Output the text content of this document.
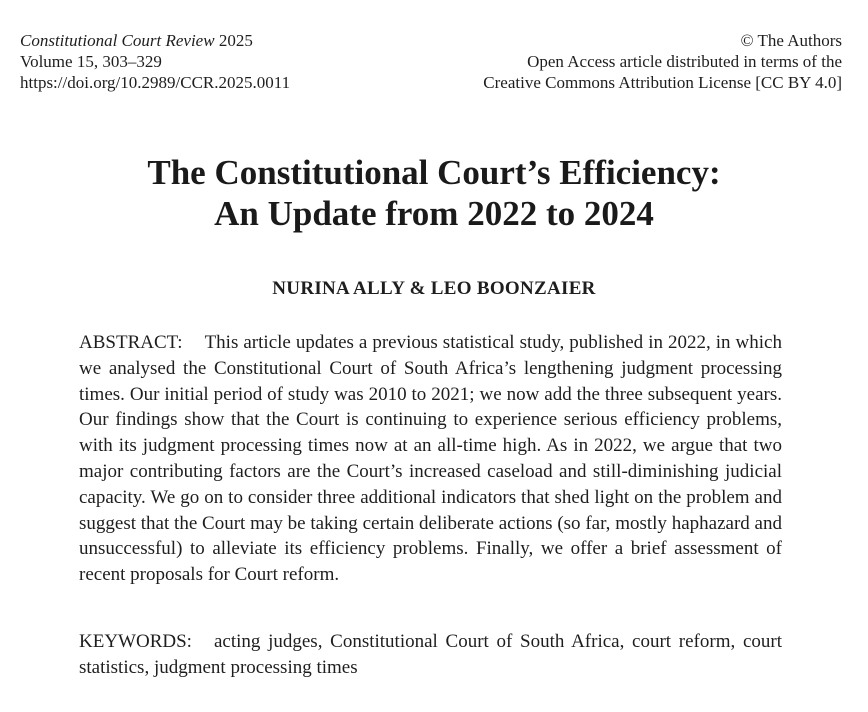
Constitutional Court Review 2025
Volume 15, 303–329
https://doi.org/10.2989/CCR.2025.0011
© The Authors
Open Access article distributed in terms of the
Creative Commons Attribution License [CC BY 4.0]
The Constitutional Court’s Efficiency:
An Update from 2022 to 2024
NURINA ALLY & LEO BOONZAIER

ABSTRACT: This article updates a previous statistical study, published in 2022, in which we analysed the Constitutional Court of South Africa’s lengthening judgment processing times. Our initial period of study was 2010 to 2021; we now add the three subsequent years. Our findings show that the Court is continuing to experience serious efficiency problems, with its judgment processing times now at an all-time high. As in 2022, we argue that two major contributing factors are the Court’s increased caseload and still-diminishing judicial capacity. We go on to consider three additional indicators that shed light on the problem and suggest that the Court may be taking certain deliberate actions (so far, mostly haphazard and unsuccessful) to alleviate its efficiency problems. Finally, we offer a brief assessment of recent proposals for Court reform.

KEYWORDS: acting judges, Constitutional Court of South Africa, court reform, court statistics, judgment processing times
